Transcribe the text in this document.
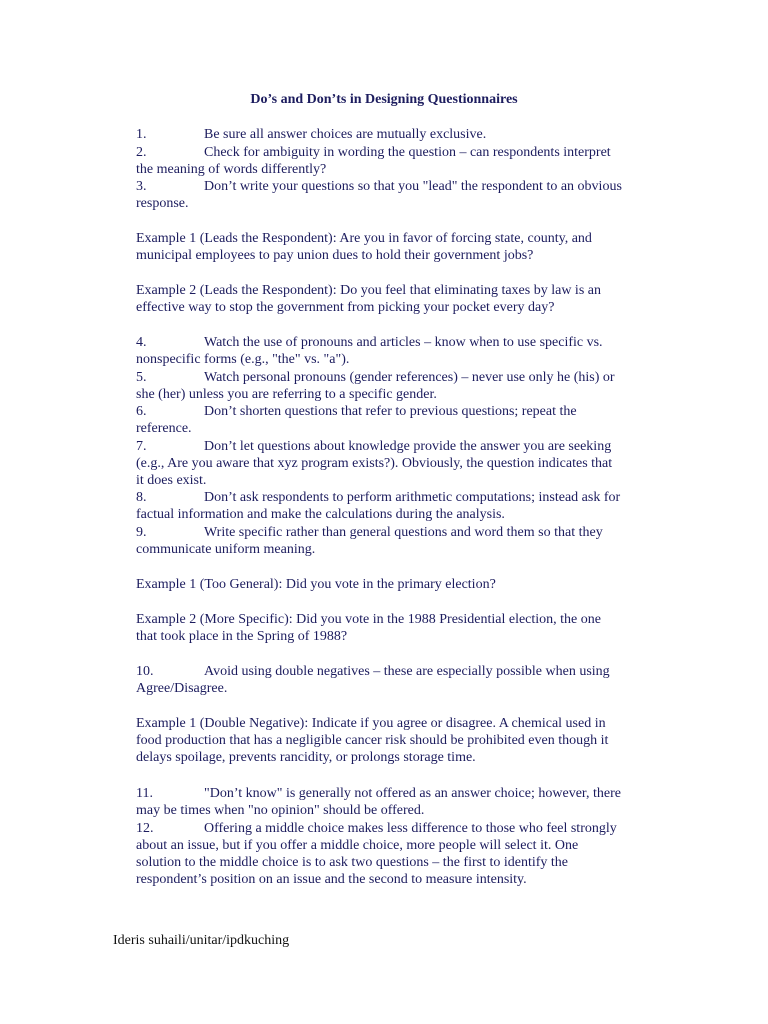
Do’s and Don’ts in Designing Questionnaires
1.	Be sure all answer choices are mutually exclusive.
2.	Check for ambiguity in wording the question – can respondents interpret
the meaning of words differently?
3.	Don’t write your questions so that you "lead" the respondent to an obvious
response.
Example 1 (Leads the Respondent): Are you in favor of forcing state, county, and
municipal employees to pay union dues to hold their government jobs?
Example 2 (Leads the Respondent): Do you feel that eliminating taxes by law is an
effective way to stop the government from picking your pocket every day?
4.	Watch the use of pronouns and articles – know when to use specific vs.
nonspecific forms (e.g., "the" vs. "a").
5.	Watch personal pronouns (gender references) – never use only he (his) or
she (her) unless you are referring to a specific gender.
6.	Don’t shorten questions that refer to previous questions; repeat the
reference.
7.	Don’t let questions about knowledge provide the answer you are seeking
(e.g., Are you aware that xyz program exists?). Obviously, the question indicates that
it does exist.
8.	Don’t ask respondents to perform arithmetic computations; instead ask for
factual information and make the calculations during the analysis.
9.	Write specific rather than general questions and word them so that they
communicate uniform meaning.
Example 1 (Too General): Did you vote in the primary election?
Example 2 (More Specific): Did you vote in the 1988 Presidential election, the one
that took place in the Spring of 1988?
10.	Avoid using double negatives – these are especially possible when using
Agree/Disagree.
Example 1 (Double Negative): Indicate if you agree or disagree. A chemical used in
food production that has a negligible cancer risk should be prohibited even though it
delays spoilage, prevents rancidity, or prolongs storage time.
11.	"Don’t know" is generally not offered as an answer choice; however, there
may be times when "no opinion" should be offered.
12.	Offering a middle choice makes less difference to those who feel strongly
about an issue, but if you offer a middle choice, more people will select it. One
solution to the middle choice is to ask two questions – the first to identify the
respondent’s position on an issue and the second to measure intensity.
Ideris suhaili/unitar/ipdkuching
